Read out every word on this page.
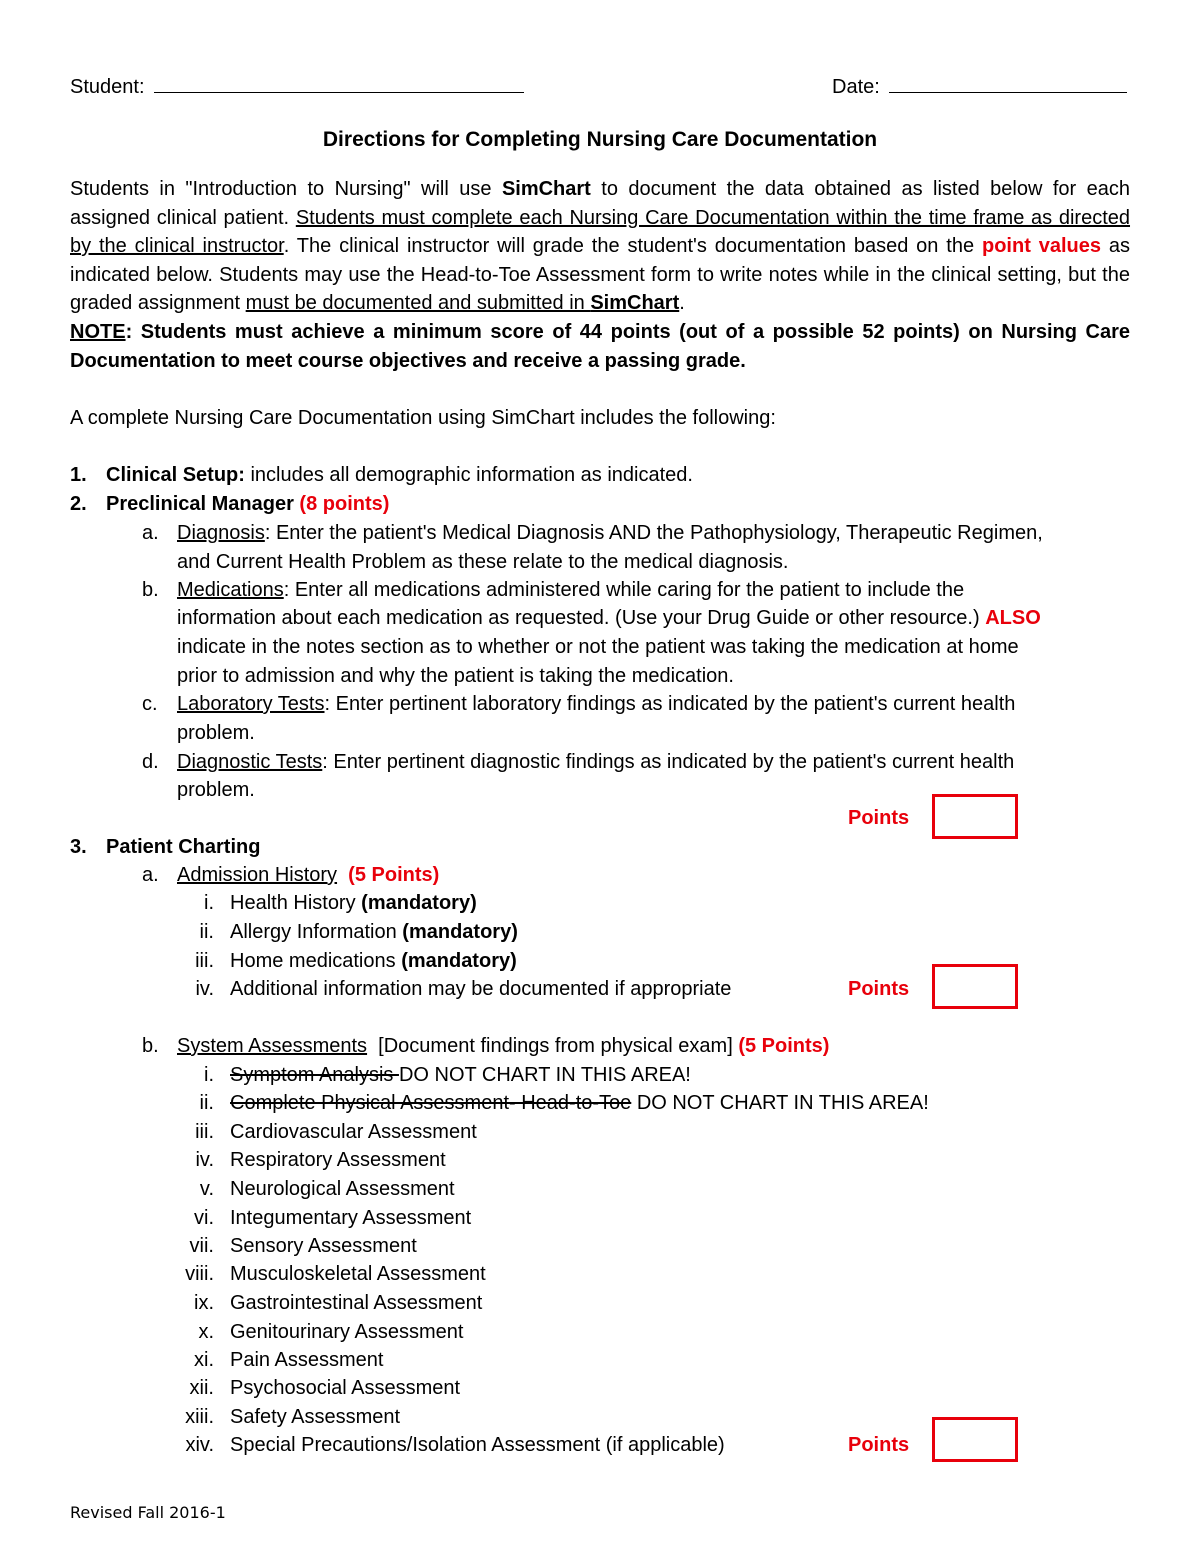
Student:	Date:
Directions for Completing Nursing Care Documentation
Students in "Introduction to Nursing" will use SimChart to document the data obtained as listed below for each assigned clinical patient. Students must complete each Nursing Care Documentation within the time frame as directed by the clinical instructor. The clinical instructor will grade the student's documentation based on the point values as indicated below. Students may use the Head-to-Toe Assessment form to write notes while in the clinical setting, but the graded assignment must be documented and submitted in SimChart.
NOTE: Students must achieve a minimum score of 44 points (out of a possible 52 points) on Nursing Care Documentation to meet course objectives and receive a passing grade.
A complete Nursing Care Documentation using SimChart includes the following:
1. Clinical Setup: includes all demographic information as indicated.
2. Preclinical Manager (8 points)
a. Diagnosis: Enter the patient's Medical Diagnosis AND the Pathophysiology, Therapeutic Regimen,
and Current Health Problem as these relate to the medical diagnosis.
b. Medications: Enter all medications administered while caring for the patient to include the
information about each medication as requested. (Use your Drug Guide or other resource.) ALSO
indicate in the notes section as to whether or not the patient was taking the medication at home
prior to admission and why the patient is taking the medication.
c. Laboratory Tests: Enter pertinent laboratory findings as indicated by the patient's current health
problem.
d. Diagnostic Tests: Enter pertinent diagnostic findings as indicated by the patient's current health
problem.
Points
3. Patient Charting
a. Admission History (5 Points)
i. Health History (mandatory)
ii. Allergy Information (mandatory)
iii. Home medications (mandatory)
iv. Additional information may be documented if appropriate	Points
b. System Assessments  [Document findings from physical exam] (5 Points)
i. Symptom Analysis DO NOT CHART IN THIS AREA!
ii. Complete Physical Assessment- Head-to-Toe DO NOT CHART IN THIS AREA!
iii. Cardiovascular Assessment
iv. Respiratory Assessment
v. Neurological Assessment
vi. Integumentary Assessment
vii. Sensory Assessment
viii. Musculoskeletal Assessment
ix. Gastrointestinal Assessment
x. Genitourinary Assessment
xi. Pain Assessment
xii. Psychosocial Assessment
xiii. Safety Assessment
xiv. Special Precautions/Isolation Assessment (if applicable)	Points
Revised Fall 2016-1
